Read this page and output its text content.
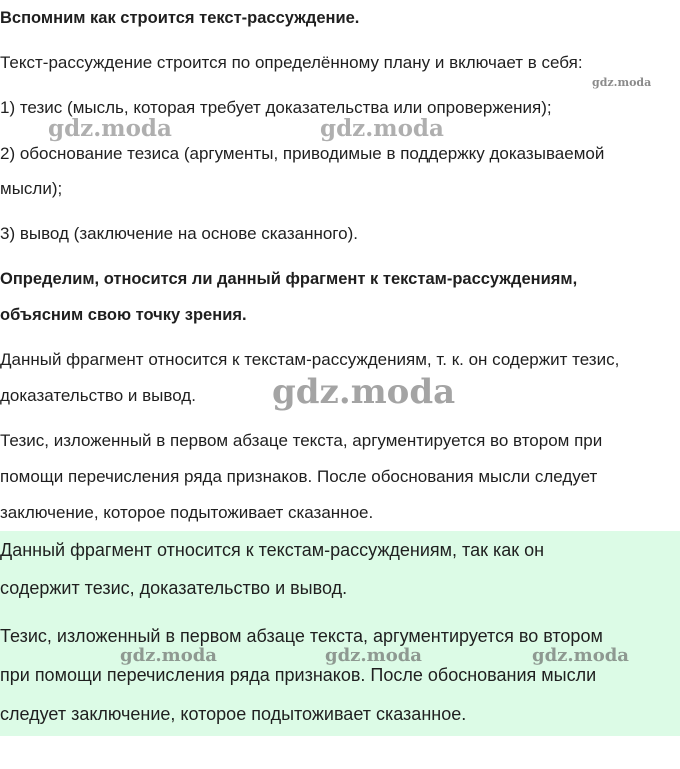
Вспомним как строится текст-рассуждение.

Текст-рассуждение строится по определённому плану и включает в себя:

1) тезис (мысль, которая требует доказательства или опровержения);

2) обоснование тезиса (аргументы, приводимые в поддержку доказываемой

мысли);

3) вывод (заключение на основе сказанного).

Определим, относится ли данный фрагмент к текстам-рассуждениям,

объясним свою точку зрения.

Данный фрагмент относится к текстам-рассуждениям, т. к. он содержит тезис,

доказательство и вывод.

Тезис, изложенный в первом абзаце текста, аргументируется во втором при

помощи перечисления ряда признаков. После обоснования мысли следует

заключение, которое подытоживает сказанное.

Данный фрагмент относится к текстам-рассуждениям, так как он

содержит тезис, доказательство и вывод.

Тезис, изложенный в первом абзаце текста, аргументируется во втором

при помощи перечисления ряда признаков. После обоснования мысли

следует заключение, которое подытоживает сказанное.

gdz.moda
gdz.moda	gdz.moda
gdz.moda
gdz.moda	gdz.moda	gdz.moda
